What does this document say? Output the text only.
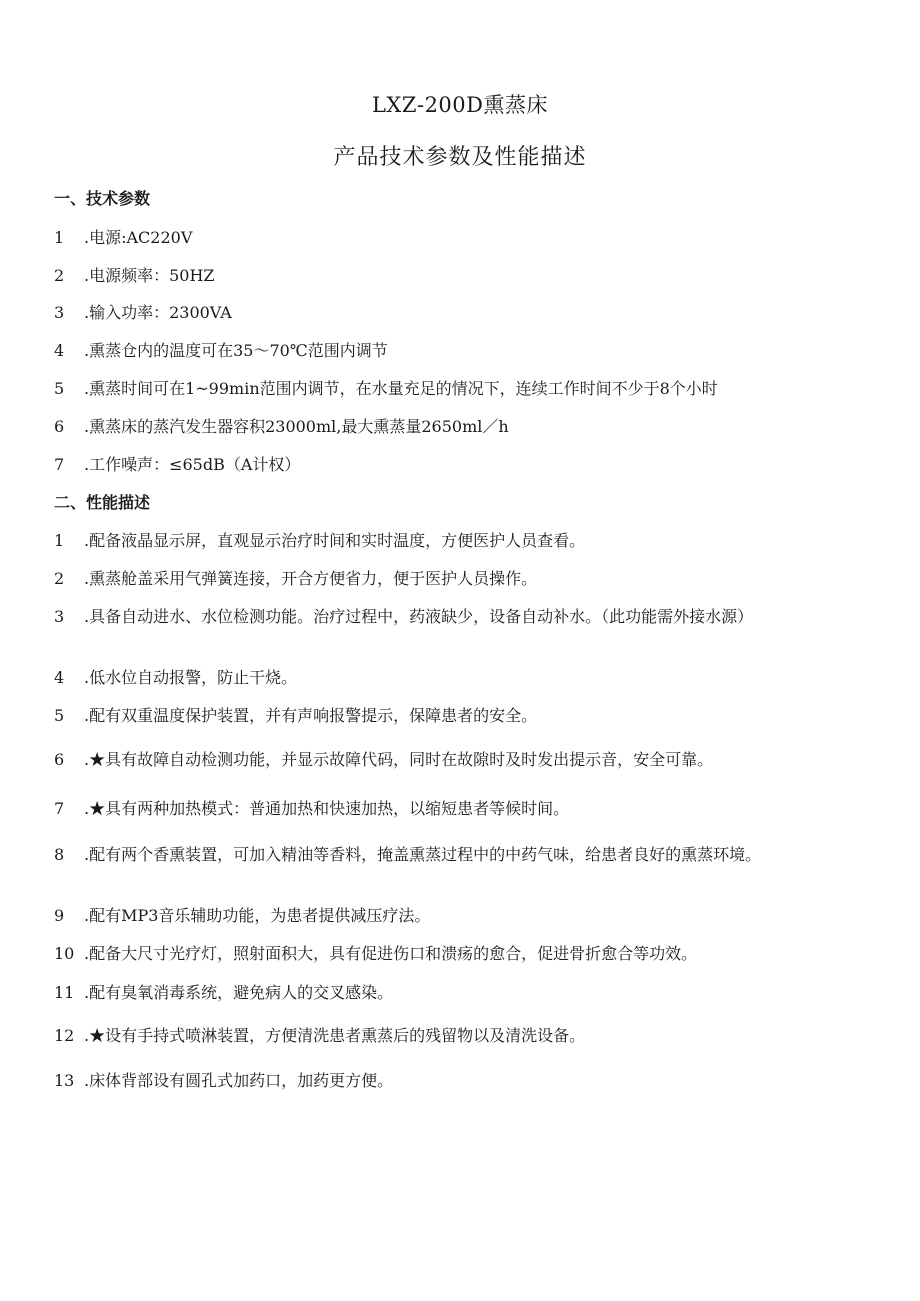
LXZ-200D熏蒸床
产品技术参数及性能描述
一、技术参数
1 .电源:AC220V
2 .电源频率：50HZ
3 .输入功率：2300VA
4 .熏蒸仓内的温度可在35～70℃范围内调节
5 .熏蒸时间可在1~99min范围内调节，在水量充足的情况下，连续工作时间不少于8个小时
6 .熏蒸床的蒸汽发生器容积23000ml,最大熏蒸量2650ml／h
7 .工作噪声：≤65dB（A计权）
二、性能描述
1 .配备液晶显示屏，直观显示治疗时间和实时温度，方便医护人员查看。
2 .熏蒸舱盖采用气弹簧连接，开合方便省力，便于医护人员操作。
3 .具备自动进水、水位检测功能。治疗过程中，药液缺少，设备自动补水。（此功能需外接水源）
4 .低水位自动报警，防止干烧。
5 .配有双重温度保护装置，并有声响报警提示，保障患者的安全。
6 .★具有故障自动检测功能，并显示故障代码，同时在故隙时及时发出提示音，安全可靠。
7 .★具有两种加热模式：普通加热和快速加热，以缩短患者等候时间。
8 .配有两个香熏装置，可加入精油等香料，掩盖熏蒸过程中的中药气味，给患者良好的熏蒸环境。
9 .配有MP3音乐辅助功能，为患者提供减压疗法。
10 .配备大尺寸光疗灯，照射面积大，具有促进伤口和溃疡的愈合，促进骨折愈合等功效。
11 .配有臭氧消毒系统，避免病人的交叉感染。
12 .★设有手持式喷淋装置，方便清洗患者熏蒸后的残留物以及清洗设备。
13 .床体背部设有圆孔式加药口，加药更方便。
